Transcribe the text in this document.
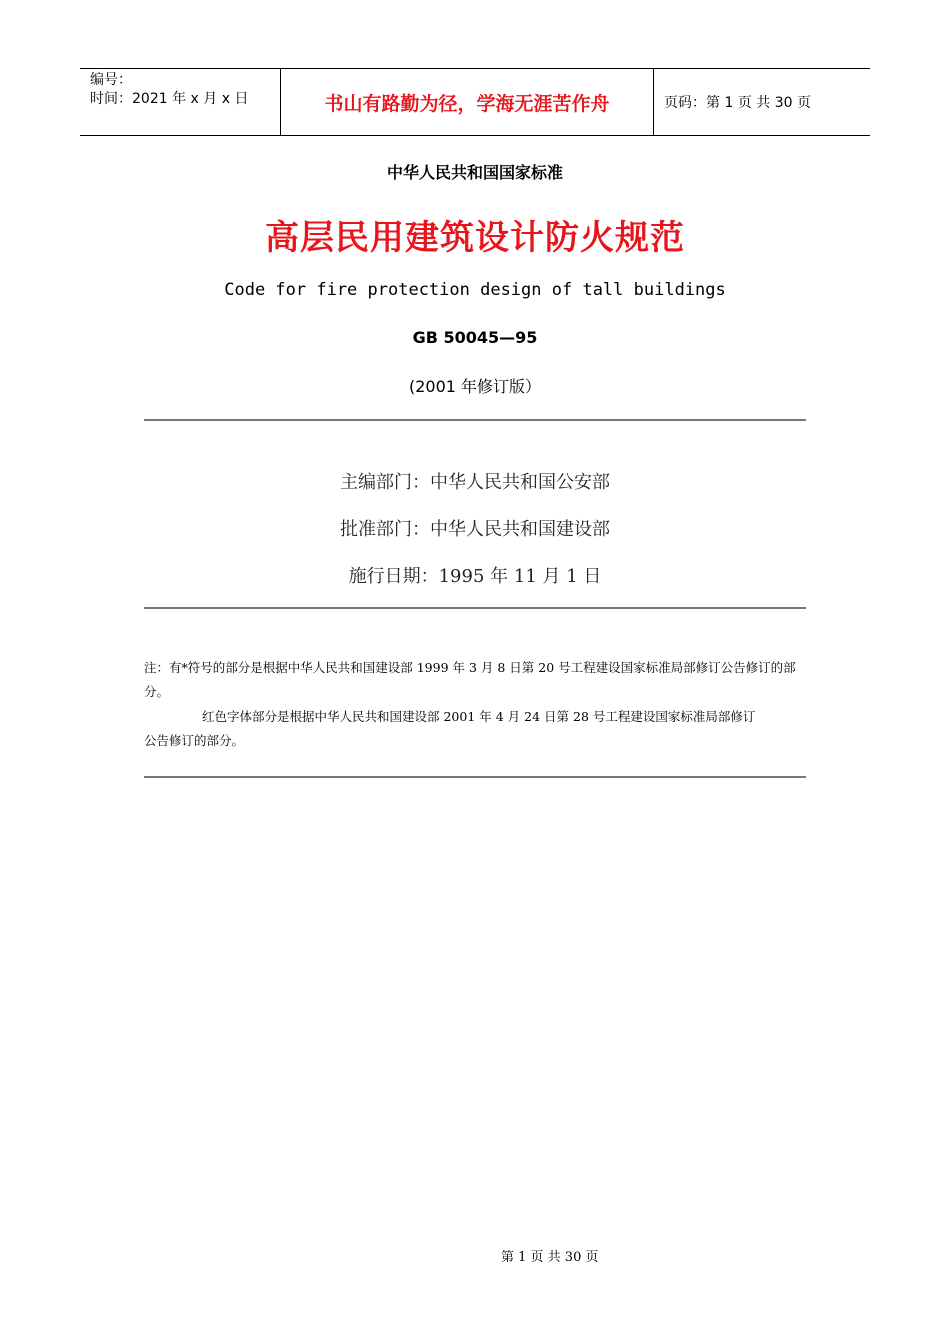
编号：
时间：2021 年 x 月 x 日	书山有路勤为径，学海无涯苦作舟	页码：第 1 页 共 30 页
中华人民共和国国家标准
高层民用建筑设计防火规范
Code for fire protection design of tall buildings
GB 50045—95
(2001 年修订版）
主编部门：中华人民共和国公安部
批准部门：中华人民共和国建设部
施行日期：1995 年 11 月 1 日
注：有*符号的部分是根据中华人民共和国建设部 1999 年 3 月 8 日第 20 号工程建设国家标准局部修订公告修订的部分。
红色字体部分是根据中华人民共和国建设部 2001 年 4 月 24 日第 28 号工程建设国家标准局部修订
公告修订的部分。
第 1 页 共 30 页
